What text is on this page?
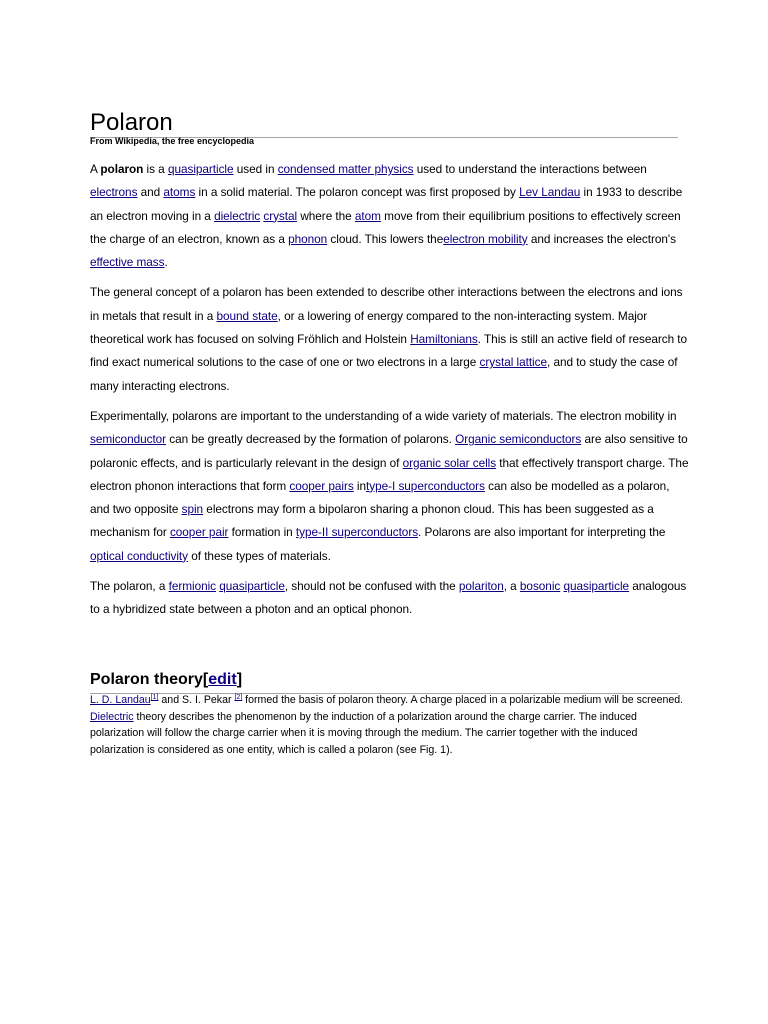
Polaron
From Wikipedia, the free encyclopedia

A polaron is a quasiparticle used in condensed matter physics used to understand the interactions between electrons and atoms in a solid material. The polaron concept was first proposed by Lev Landau in 1933 to describe an electron moving in a dielectric crystal where the atom move from their equilibrium positions to effectively screen the charge of an electron, known as a phonon cloud. This lowers theelectron mobility and increases the electron's effective mass.

The general concept of a polaron has been extended to describe other interactions between the electrons and ions in metals that result in a bound state, or a lowering of energy compared to the non-interacting system. Major theoretical work has focused on solving Fröhlich and Holstein Hamiltonians. This is still an active field of research to find exact numerical solutions to the case of one or two electrons in a large crystal lattice, and to study the case of many interacting electrons.

Experimentally, polarons are important to the understanding of a wide variety of materials. The electron mobility in semiconductor can be greatly decreased by the formation of polarons. Organic semiconductors are also sensitive to polaronic effects, and is particularly relevant in the design of organic solar cells that effectively transport charge. The electron phonon interactions that form cooper pairs intype-I superconductors can also be modelled as a polaron, and two opposite spin electrons may form a bipolaron sharing a phonon cloud. This has been suggested as a mechanism for cooper pair formation in type-II superconductors. Polarons are also important for interpreting the optical conductivity of these types of materials.

The polaron, a fermionic quasiparticle, should not be confused with the polariton, a bosonic quasiparticle analogous to a hybridized state between a photon and an optical phonon.

Polaron theory[edit]
L. D. Landau[1] and S. I. Pekar [2] formed the basis of polaron theory. A charge placed in a polarizable medium will be screened. Dielectric theory describes the phenomenon by the induction of a polarization around the charge carrier. The induced polarization will follow the charge carrier when it is moving through the medium. The carrier together with the induced polarization is considered as one entity, which is called a polaron (see Fig. 1).
